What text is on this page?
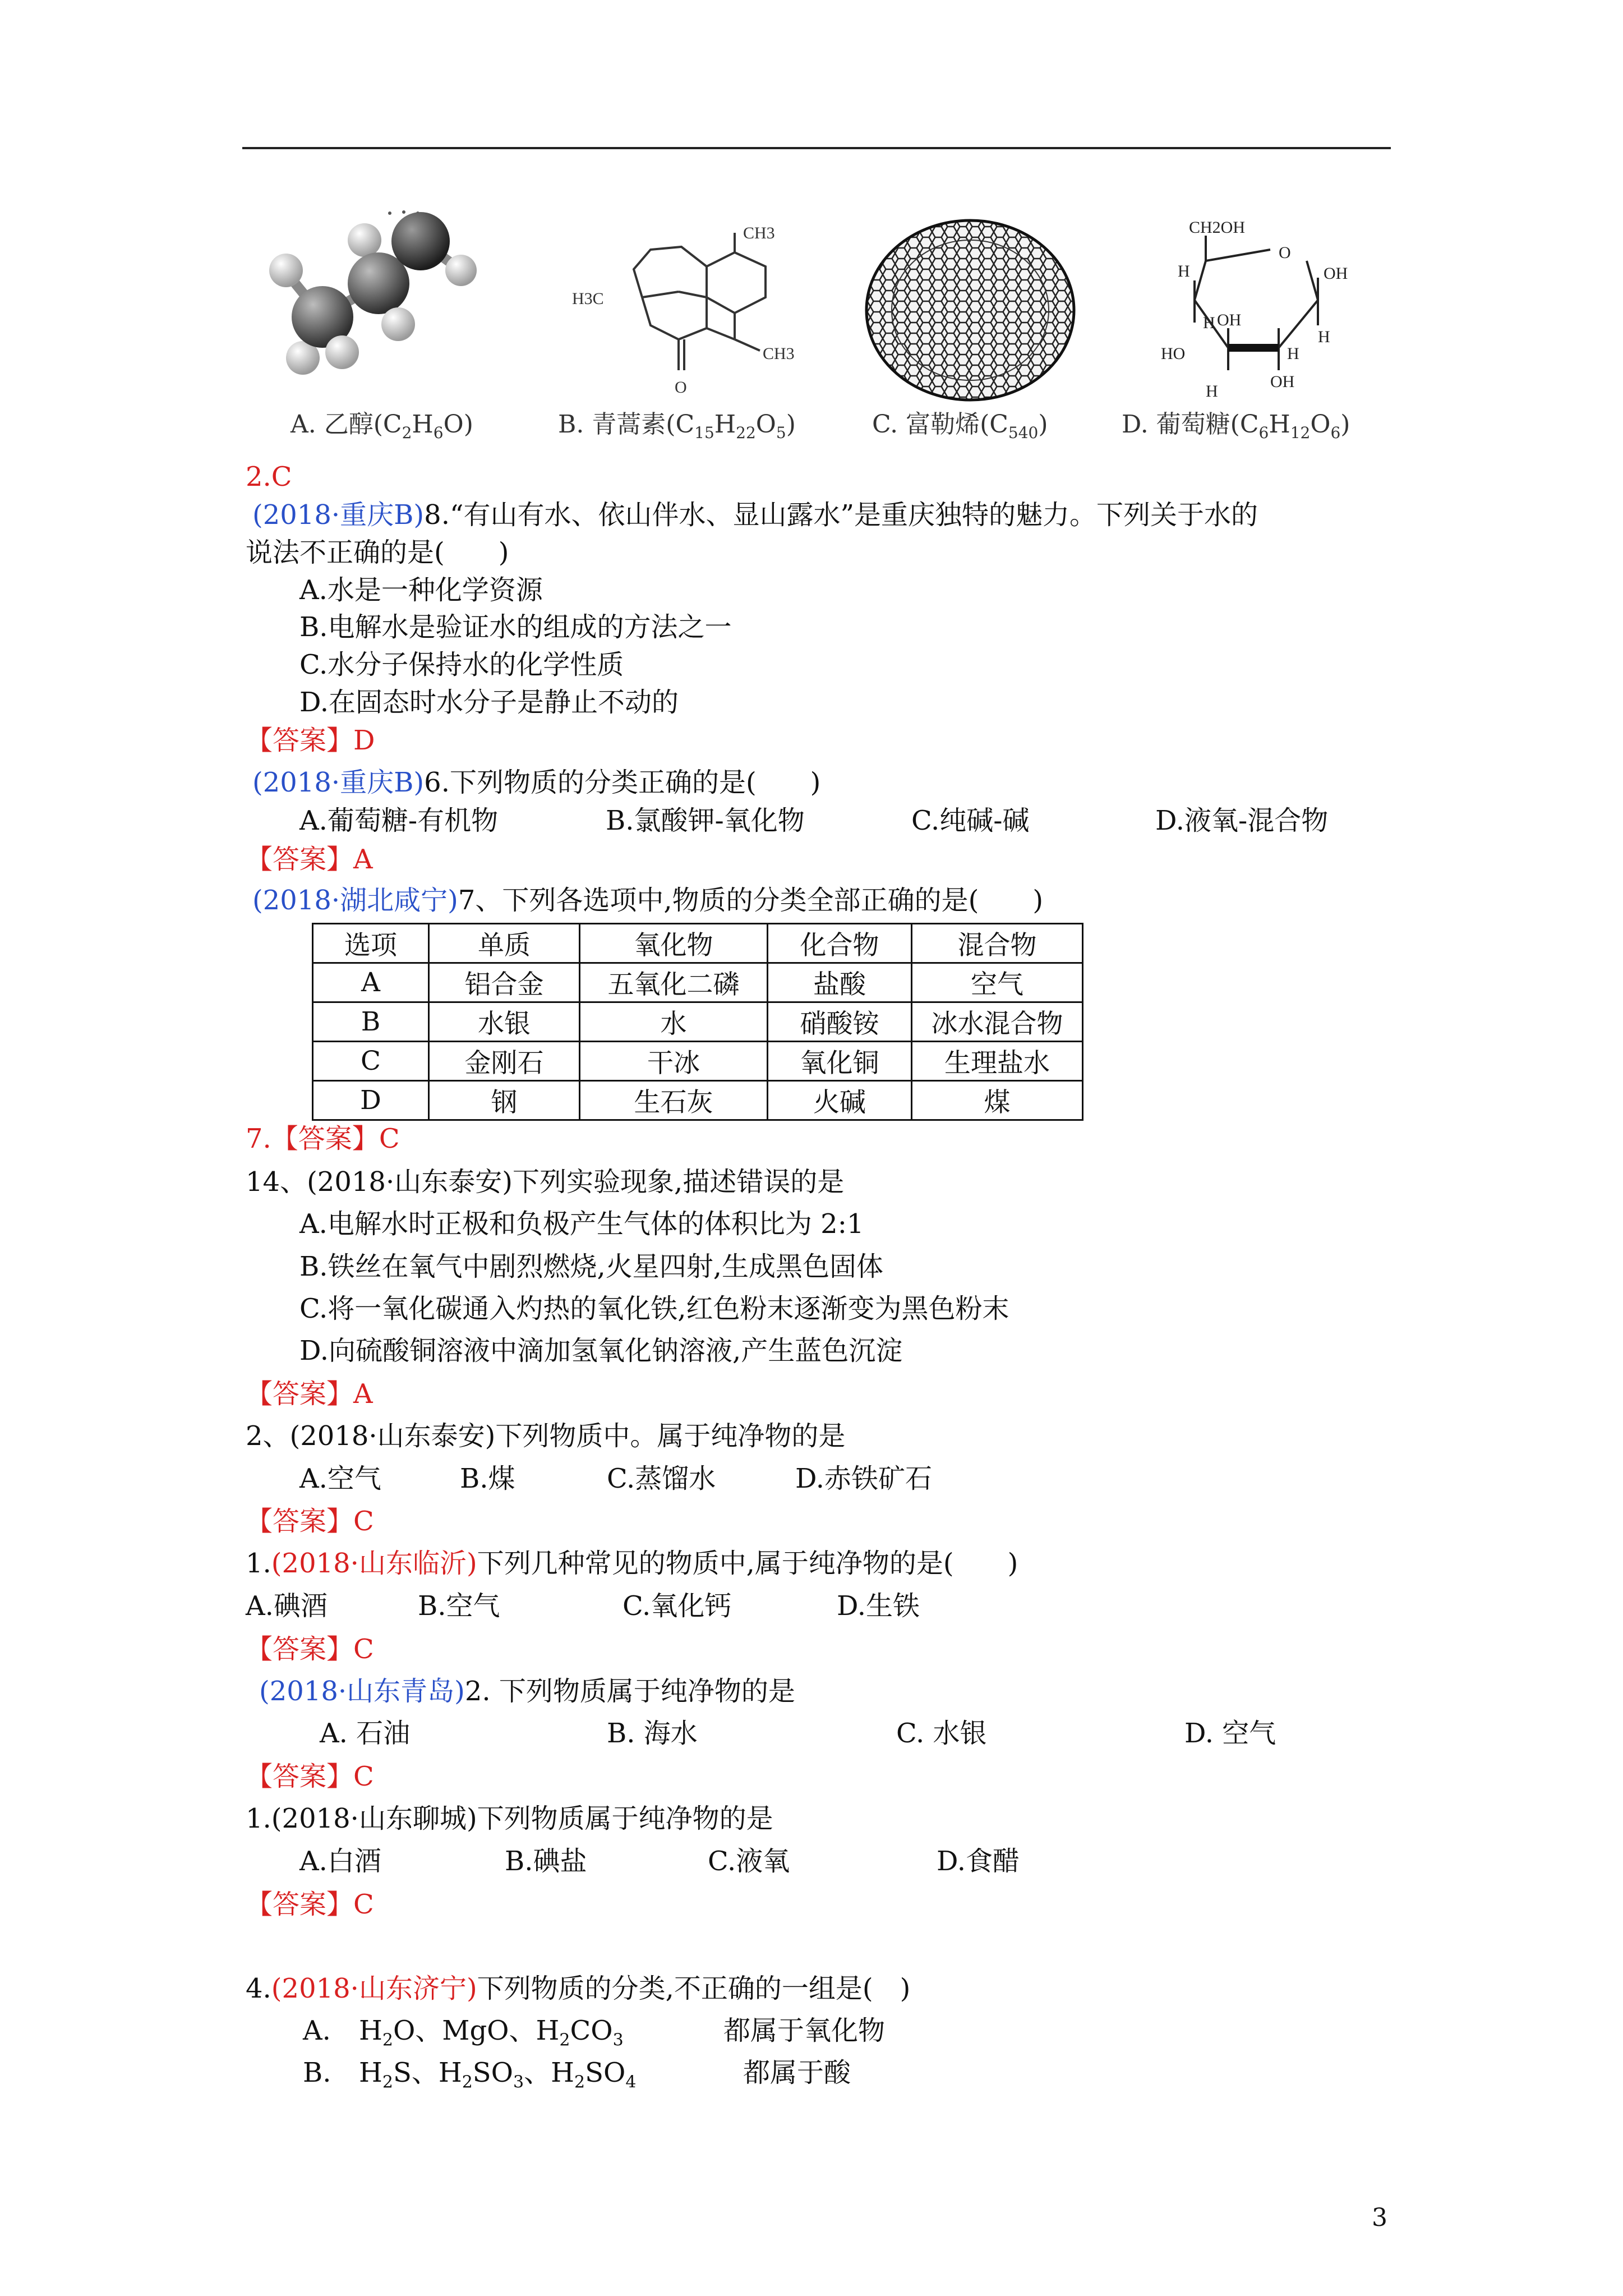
CH3
H3C
CH3
O
CH2OH
O
OH
H
H OH
HO	H
H
OH
H
A. 乙醇$(C_2H_6O)$	B. 青蒿素$(C_{15}H_{22}O_5)$	C. 富勒烯$(C_{540})$	D. 葡萄糖$(C_6H_{12}O_6)$
2.C
(2018·重庆B)8.“有山有水、依山伴水、显山露水”是重庆独特的魅力。下列关于水的
说法不正确的是(　　)
A.水是一种化学资源
B.电解水是验证水的组成的方法之一
C.水分子保持水的化学性质
D.在固态时水分子是静止不动的
【答案】D
(2018·重庆B)6.下列物质的分类正确的是(　　)
A.葡萄糖-有机物	B.氯酸钾-氧化物	C.纯碱-碱	D.液氧-混合物
【答案】A
(2018·湖北咸宁)7、下列各选项中,物质的分类全部正确的是(　　)
选项	单质	氧化物	化合物	混合物
A	铝合金	五氧化二磷	盐酸	空气
B	水银	水	硝酸铵	冰水混合物
C	金刚石	干冰	氧化铜	生理盐水
D	钢	生石灰	火碱	煤
7.【答案】C
14、(2018·山东泰安)下列实验现象,描述错误的是
A.电解水时正极和负极产生气体的体积比为 2:1
B.铁丝在氧气中剧烈燃烧,火星四射,生成黑色固体
C.将一氧化碳通入灼热的氧化铁,红色粉末逐渐变为黑色粉末
D.向硫酸铜溶液中滴加氢氧化钠溶液,产生蓝色沉淀
【答案】A
2、(2018·山东泰安)下列物质中。属于纯净物的是
A.空气	B.煤	C.蒸馏水	D.赤铁矿石
【答案】C
1.(2018·山东临沂)下列几种常见的物质中,属于纯净物的是(　　)
A.碘酒	B.空气	C.氧化钙	D.生铁
【答案】C
(2018·山东青岛)2. 下列物质属于纯净物的是
A. 石油	B. 海水	C. 水银	D. 空气
【答案】C
1.(2018·山东聊城)下列物质属于纯净物的是
A.白酒	B.碘盐	C.液氧	D.食醋
【答案】C
4.(2018·山东济宁)下列物质的分类,不正确的一组是(　)
A. $H_2O$、MgO、$H_2CO_3$	都属于氧化物
B. $H_2S$、$H_2SO_3$、$H_2SO_4$	都属于酸
3
